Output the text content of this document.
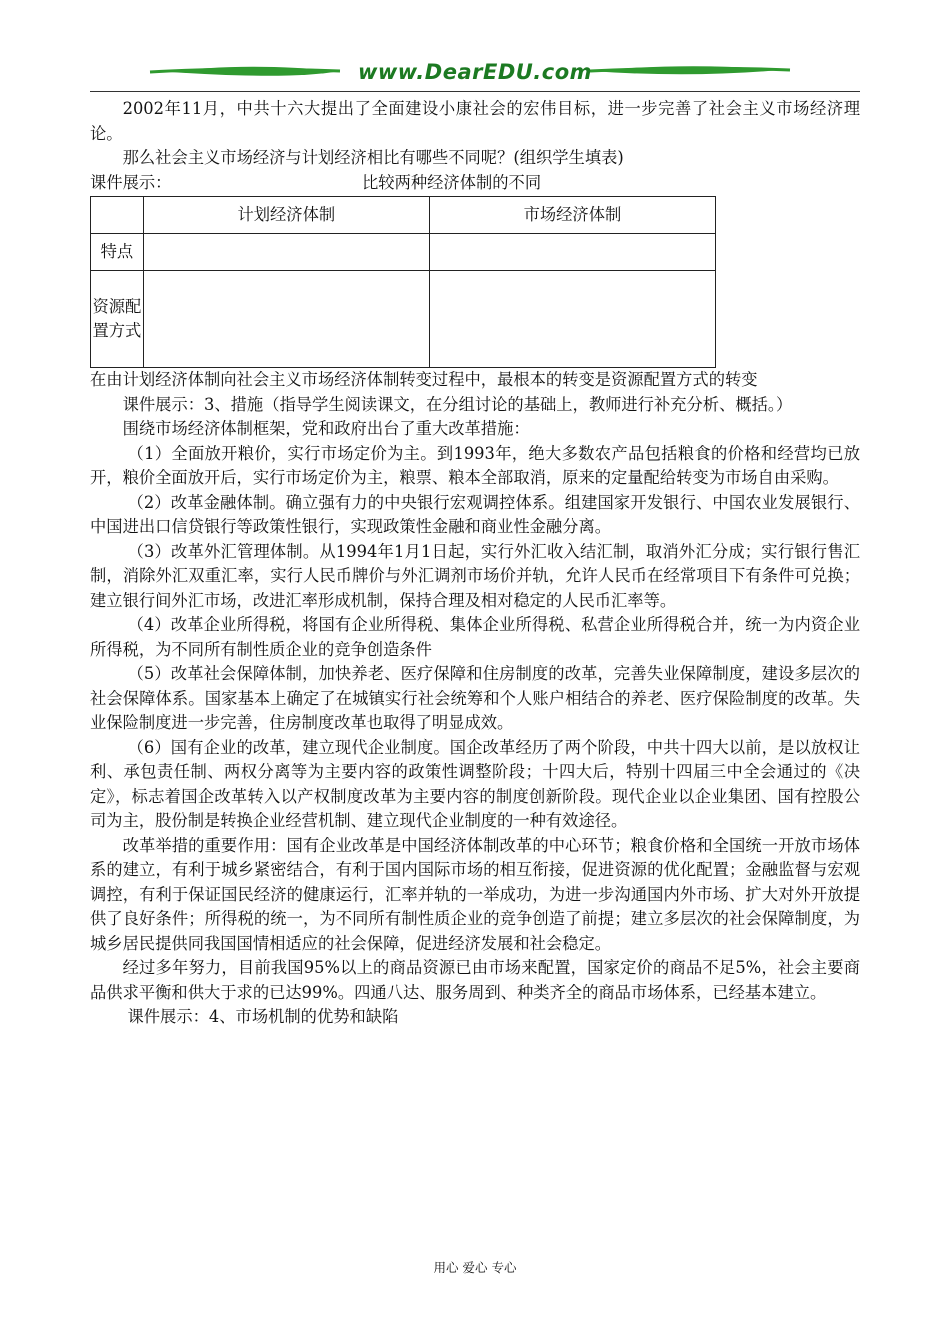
www.DearEDU.com

2002年11月，中共十六大提出了全面建设小康社会的宏伟目标，进一步完善了社会主义市场经济理论。

那么社会主义市场经济与计划经济相比有哪些不同呢？(组织学生填表)

课件展示：	比较两种经济体制的不同
	计划经济体制	市场经济体制
特点		
资源配置方式		

在由计划经济体制向社会主义市场经济体制转变过程中，最根本的转变是资源配置方式的转变

课件展示：3、措施（指导学生阅读课文，在分组讨论的基础上，教师进行补充分析、概括。）

围绕市场经济体制框架，党和政府出台了重大改革措施：

（1）全面放开粮价，实行市场定价为主。到1993年，绝大多数农产品包括粮食的价格和经营均已放开，粮价全面放开后，实行市场定价为主，粮票、粮本全部取消，原来的定量配给转变为市场自由采购。

（2）改革金融体制。确立强有力的中央银行宏观调控体系。组建国家开发银行、中国农业发展银行、中国进出口信贷银行等政策性银行，实现政策性金融和商业性金融分离。

（3）改革外汇管理体制。从1994年1月1日起，实行外汇收入结汇制，取消外汇分成；实行银行售汇制，消除外汇双重汇率，实行人民币牌价与外汇调剂市场价并轨，允许人民币在经常项目下有条件可兑换；建立银行间外汇市场，改进汇率形成机制，保持合理及相对稳定的人民币汇率等。

（4）改革企业所得税，将国有企业所得税、集体企业所得税、私营企业所得税合并，统一为内资企业所得税，为不同所有制性质企业的竞争创造条件

（5）改革社会保障体制，加快养老、医疗保障和住房制度的改革，完善失业保障制度，建设多层次的社会保障体系。国家基本上确定了在城镇实行社会统筹和个人账户相结合的养老、医疗保险制度的改革。失业保险制度进一步完善，住房制度改革也取得了明显成效。

（6）国有企业的改革，建立现代企业制度。国企改革经历了两个阶段，中共十四大以前，是以放权让利、承包责任制、两权分离等为主要内容的政策性调整阶段；十四大后，特别十四届三中全会通过的《决定》，标志着国企改革转入以产权制度改革为主要内容的制度创新阶段。现代企业以企业集团、国有控股公司为主，股份制是转换企业经营机制、建立现代企业制度的一种有效途径。

改革举措的重要作用：国有企业改革是中国经济体制改革的中心环节；粮食价格和全国统一开放市场体系的建立，有利于城乡紧密结合，有利于国内国际市场的相互衔接，促进资源的优化配置；金融监督与宏观调控，有利于保证国民经济的健康运行，汇率并轨的一举成功，为进一步沟通国内外市场、扩大对外开放提供了良好条件；所得税的统一，为不同所有制性质企业的竞争创造了前提；建立多层次的社会保障制度，为城乡居民提供同我国国情相适应的社会保障，促进经济发展和社会稳定。

经过多年努力，目前我国95%以上的商品资源已由市场来配置，国家定价的商品不足5%，社会主要商品供求平衡和供大于求的已达99%。四通八达、服务周到、种类齐全的商品市场体系，已经基本建立。

课件展示：4、市场机制的优势和缺陷

用心 爱心 专心
